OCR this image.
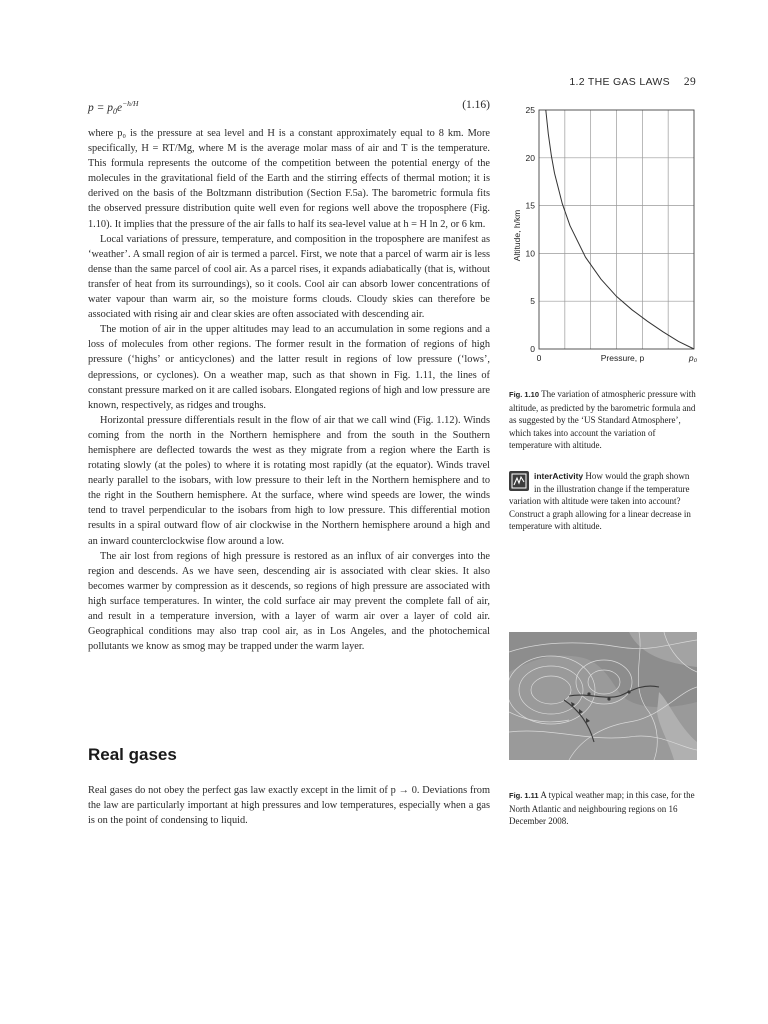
1.2 THE GAS LAWS 29
$p = p_0e^{-h/H}$	(1.16)

where p₀ is the pressure at sea level and H is a constant approximately equal to 8 km. More specifically, H = RT/Mg, where M is the average molar mass of air and T is the temperature. This formula represents the outcome of the competition between the potential energy of the molecules in the gravitational field of the Earth and the stirring effects of thermal motion; it is derived on the basis of the Boltzmann distribution (Section F.5a). The barometric formula fits the observed pressure distribution quite well even for regions well above the troposphere (Fig. 1.10). It implies that the pressure of the air falls to half its sea-level value at h = H ln 2, or 6 km.

Local variations of pressure, temperature, and composition in the troposphere are manifest as ‘weather’. A small region of air is termed a parcel. First, we note that a parcel of warm air is less dense than the same parcel of cool air. As a parcel rises, it expands adiabatically (that is, without transfer of heat from its surroundings), so it cools. Cool air can absorb lower concentrations of water vapour than warm air, so the moisture forms clouds. Cloudy skies can therefore be associated with rising air and clear skies are often associated with descending air.

The motion of air in the upper altitudes may lead to an accumulation in some regions and a loss of molecules from other regions. The former result in the formation of regions of high pressure (‘highs’ or anticyclones) and the latter result in regions of low pressure (‘lows’, depressions, or cyclones). On a weather map, such as that shown in Fig. 1.11, the lines of constant pressure marked on it are called isobars. Elongated regions of high and low pressure are known, respectively, as ridges and troughs.

Horizontal pressure differentials result in the flow of air that we call wind (Fig. 1.12). Winds coming from the north in the Northern hemisphere and from the south in the Southern hemisphere are deflected towards the west as they migrate from a region where the Earth is rotating slowly (at the poles) to where it is rotating most rapidly (at the equator). Winds travel nearly parallel to the isobars, with low pressure to their left in the Northern hemisphere and to the right in the Southern hemisphere. At the surface, where wind speeds are lower, the winds tend to travel perpendicular to the isobars from high to low pressure. This differential motion results in a spiral outward flow of air clockwise in the Northern hemisphere around a high and an inward counterclockwise flow around a low.

The air lost from regions of high pressure is restored as an influx of air converges into the region and descends. As we have seen, descending air is associated with clear skies. It also becomes warmer by compression as it descends, so regions of high pressure are associated with high surface temperatures. In winter, the cold surface air may prevent the complete fall of air, and result in a temperature inversion, with a layer of warm air over a layer of cold air. Geographical conditions may also trap cool air, as in Los Angeles, and the photochemical pollutants we know as smog may be trapped under the warm layer.

Real gases

Real gases do not obey the perfect gas law exactly except in the limit of p → 0. Deviations from the law are particularly important at high pressures and low temperatures, especially when a gas is on the point of condensing to liquid.

0
5
10
15
20
25
0	p₀
Pressure, p
Altitude, h/km
Fig. 1.10 The variation of atmospheric pressure with altitude, as predicted by the barometric formula and as suggested by the ‘US Standard Atmosphere’, which takes into account the variation of temperature with altitude.
interActivity How would the graph shown in the illustration change if the temperature variation with altitude were taken into account? Construct a graph allowing for a linear decrease in temperature with altitude.
Fig. 1.11 A typical weather map; in this case, for the North Atlantic and neighbouring regions on 16 December 2008.
